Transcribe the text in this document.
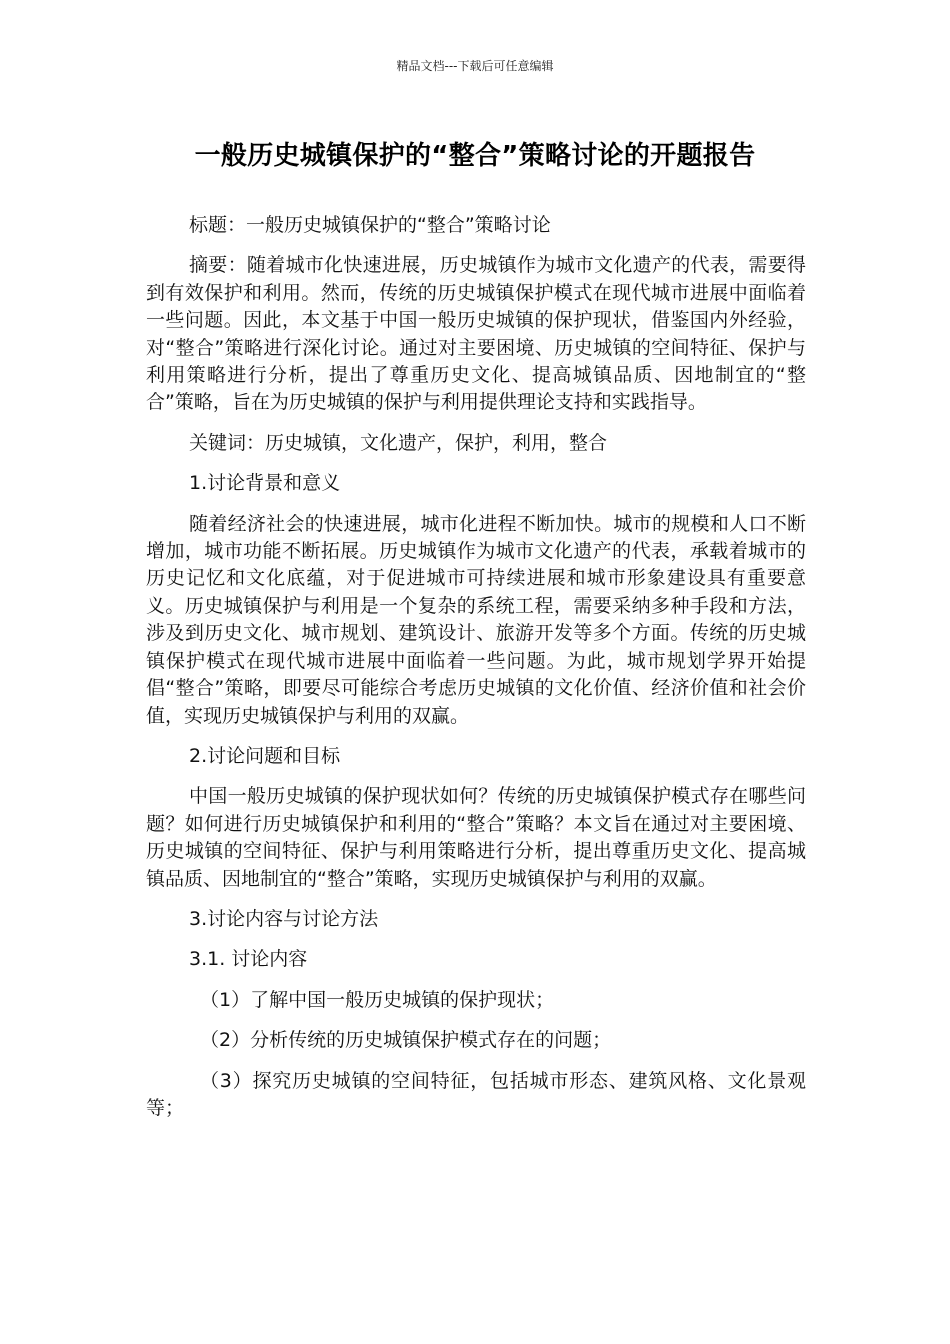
精品文档---下载后可任意编辑
一般历史城镇保护的“整合”策略讨论的开题报告

标题：一般历史城镇保护的“整合”策略讨论

摘要：随着城市化快速进展，历史城镇作为城市文化遗产的代表，需要得到有效保护和利用。然而，传统的历史城镇保护模式在现代城市进展中面临着一些问题。因此，本文基于中国一般历史城镇的保护现状，借鉴国内外经验，对“整合”策略进行深化讨论。通过对主要困境、历史城镇的空间特征、保护与利用策略进行分析，提出了尊重历史文化、提高城镇品质、因地制宜的“整合”策略，旨在为历史城镇的保护与利用提供理论支持和实践指导。

关键词：历史城镇，文化遗产，保护，利用，整合

1.讨论背景和意义

随着经济社会的快速进展，城市化进程不断加快。城市的规模和人口不断增加，城市功能不断拓展。历史城镇作为城市文化遗产的代表，承载着城市的历史记忆和文化底蕴，对于促进城市可持续进展和城市形象建设具有重要意义。历史城镇保护与利用是一个复杂的系统工程，需要采纳多种手段和方法，涉及到历史文化、城市规划、建筑设计、旅游开发等多个方面。传统的历史城镇保护模式在现代城市进展中面临着一些问题。为此，城市规划学界开始提倡“整合”策略，即要尽可能综合考虑历史城镇的文化价值、经济价值和社会价值，实现历史城镇保护与利用的双赢。

2.讨论问题和目标

中国一般历史城镇的保护现状如何？传统的历史城镇保护模式存在哪些问题？如何进行历史城镇保护和利用的“整合”策略？本文旨在通过对主要困境、历史城镇的空间特征、保护与利用策略进行分析，提出尊重历史文化、提高城镇品质、因地制宜的“整合”策略，实现历史城镇保护与利用的双赢。

3.讨论内容与讨论方法

3.1. 讨论内容

（1）了解中国一般历史城镇的保护现状；

（2）分析传统的历史城镇保护模式存在的问题；

（3）探究历史城镇的空间特征，包括城市形态、建筑风格、文化景观等；
